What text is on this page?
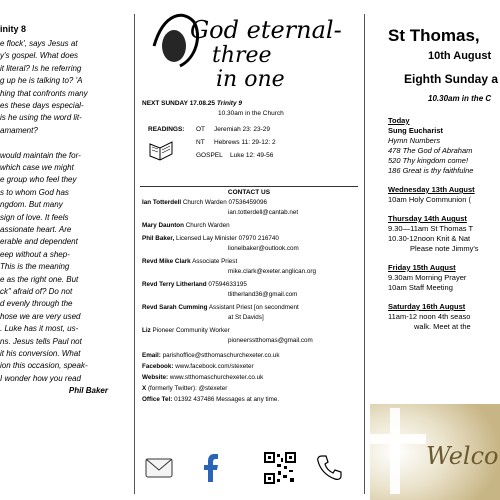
inity 8
e flock', says Jesus at
y's gospel. What does
it literal? Is he referring
g up he is talking to? 'A
hing that confronts many
es these days especial-
is he using the word lit-
amament?
would maintain the for-
which case we might
e group who feel they
s to whom God has
ngdom. But many
sign of love. It feels
assionate heart. Are
erable and dependent
eep without a shep-
This is the meaning
e as the right one. But
ck" afraid of? Do not
d evenly through the
hose we are very used
. Luke has it most, us-
ns. Jesus tells Paul not
it his conversion. What
ion this occasion, speak-
I wonder how you read
Phil Baker
God eternal-
three
in one
NEXT SUNDAY 17.08.25 Trinity 9
10.30am in the Church
READINGS: OT Jeremiah 23: 23-29
NT Hebrews 11: 29-12: 2
GOSPEL Luke 12: 49-56
CONTACT US
Ian Totterdell Church Warden 07536459096
ian.totterdell@cantab.net
Mary Daunton Church Warden
Phil Baker, Licensed Lay Minister 07970 216740
lionelbaker@outlook.com
Revd Mike Clark Associate Priest
mike.clark@exeter.anglican.org
Revd Terry Litherland 07594633195
tlitherland36@gmail.com
Revd Sarah Cumming Assistant Priest [on secondment
at St Davids]
Liz Pioneer Community Worker
pioneersstthomas@gmail.com
Email: parishoffice@stthomaschurchexeter.co.uk
Facebook: www.facebook.com/stexeter
Website: www.stthomaschurchexeter.co.uk
X (formerly Twitter): @stexeter
Office Tel: 01392 437486 Messages at any time.
St Thomas,
10th August
Eighth Sunday a
10.30am in the C
Today
Sung Eucharist
Hymn Numbers
478 The God of Abraham
520 Thy kingdom come!
186 Great is thy faithfulne
Wednesday 13th August
10am Holy Communion (
Thursday 14th August
9.30—11am St Thomas T
10.30-12noon Knit & Nat
Please note Jimmy's
Friday 15th August
9.30am Morning Prayer
10am Staff Meeting
Saturday 16th August
11am-12 noon 4th seaso
walk. Meet at the
Welco
